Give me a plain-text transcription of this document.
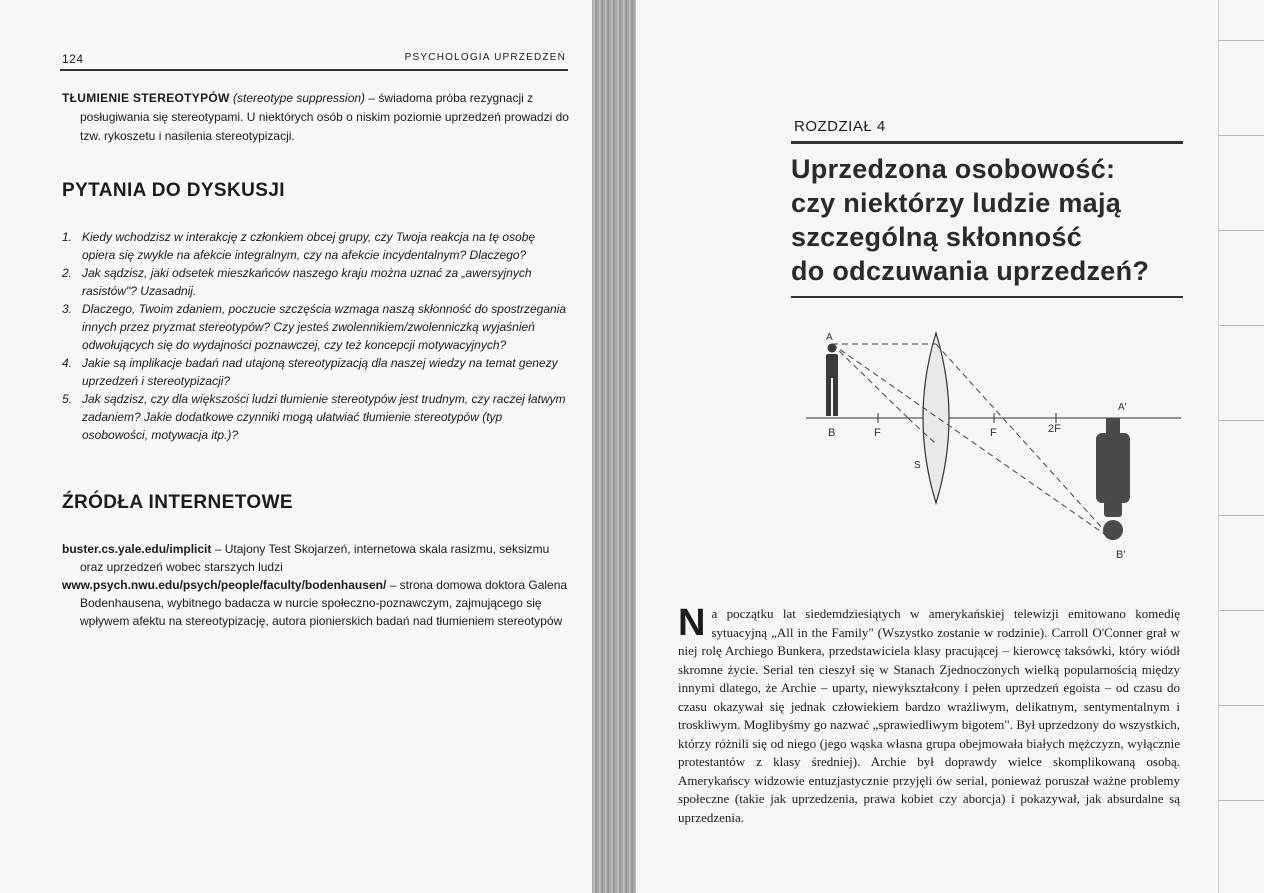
124	PSYCHOLOGIA UPRZEDZEŃ
TŁUMIENIE STEREOTYPÓW (stereotype suppression) – świadoma próba rezygnacji z posługiwania się stereotypami. U niektórych osób o niskim poziomie uprzedzeń prowadzi do tzw. rykoszetu i nasilenia stereotypizacji.
PYTANIA DO DYSKUSJI
1. Kiedy wchodzisz w interakcję z członkiem obcej grupy, czy Twoja reakcja na tę osobę opiera się zwykle na afekcie integralnym, czy na afekcie incydentalnym? Dlaczego?
2. Jak sądzisz, jaki odsetek mieszkańców naszego kraju można uznać za „awersyjnych rasistów"? Uzasadnij.
3. Dlaczego, Twoim zdaniem, poczucie szczęścia wzmaga naszą skłonność do spostrzegania innych przez pryzmat stereotypów? Czy jesteś zwolennikiem/zwolenniczką wyjaśnień odwołujących się do wydajności poznawczej, czy też koncepcji motywacyjnych?
4. Jakie są implikacje badań nad utajoną stereotypizacją dla naszej wiedzy na temat genezy uprzedzeń i stereotypizacji?
5. Jak sądzisz, czy dla większości ludzi tłumienie stereotypów jest trudnym, czy raczej łatwym zadaniem? Jakie dodatkowe czynniki mogą ułatwiać tłumienie stereotypów (typ osobowości, motywacja itp.)?
ŹRÓDŁA INTERNETOWE

buster.cs.yale.edu/implicit – Utajony Test Skojarzeń, internetowa skala rasizmu, seksizmu oraz uprzedzeń wobec starszych ludzi

www.psych.nwu.edu/psych/people/faculty/bodenhausen/ – strona domowa doktora Galena Bodenhausena, wybitnego badacza w nurcie społeczno-poznawczym, zajmującego się wpływem afektu na stereotypizację, autora pionierskich badań nad tłumieniem stereotypów

ROZDZIAŁ 4
Uprzedzona osobowość:
czy niektórzy ludzie mają
szczególną skłonność
do odczuwania uprzedzeń?
A
B	F	F	2F
S
A'
B'
Na początku lat siedemdziesiątych w amerykańskiej telewizji emitowano komedię sytuacyjną „All in the Family" (Wszystko zostanie w rodzinie). Carroll O'Conner grał w niej rolę Archiego Bunkera, przedstawiciela klasy pracującej – kierowcę taksówki, który wiódł skromne życie. Serial ten cieszył się w Stanach Zjednoczonych wielką popularnością między innymi dlatego, że Archie – uparty, niewykształcony i pełen uprzedzeń egoista – od czasu do czasu okazywał się jednak człowiekiem bardzo wrażliwym, delikatnym, sentymentalnym i troskliwym. Moglibyśmy go nazwać „sprawiedliwym bigotem". Był uprzedzony do wszystkich, którzy różnili się od niego (jego wąska własna grupa obejmowała białych mężczyzn, wyłącznie protestantów z klasy średniej). Archie był doprawdy wielce skomplikowaną osobą. Amerykańscy widzowie entuzjastycznie przyjęli ów serial, ponieważ poruszał ważne problemy społeczne (takie jak uprzedzenia, prawa kobiet czy aborcja) i pokazywał, jak absurdalne są uprzedzenia.
